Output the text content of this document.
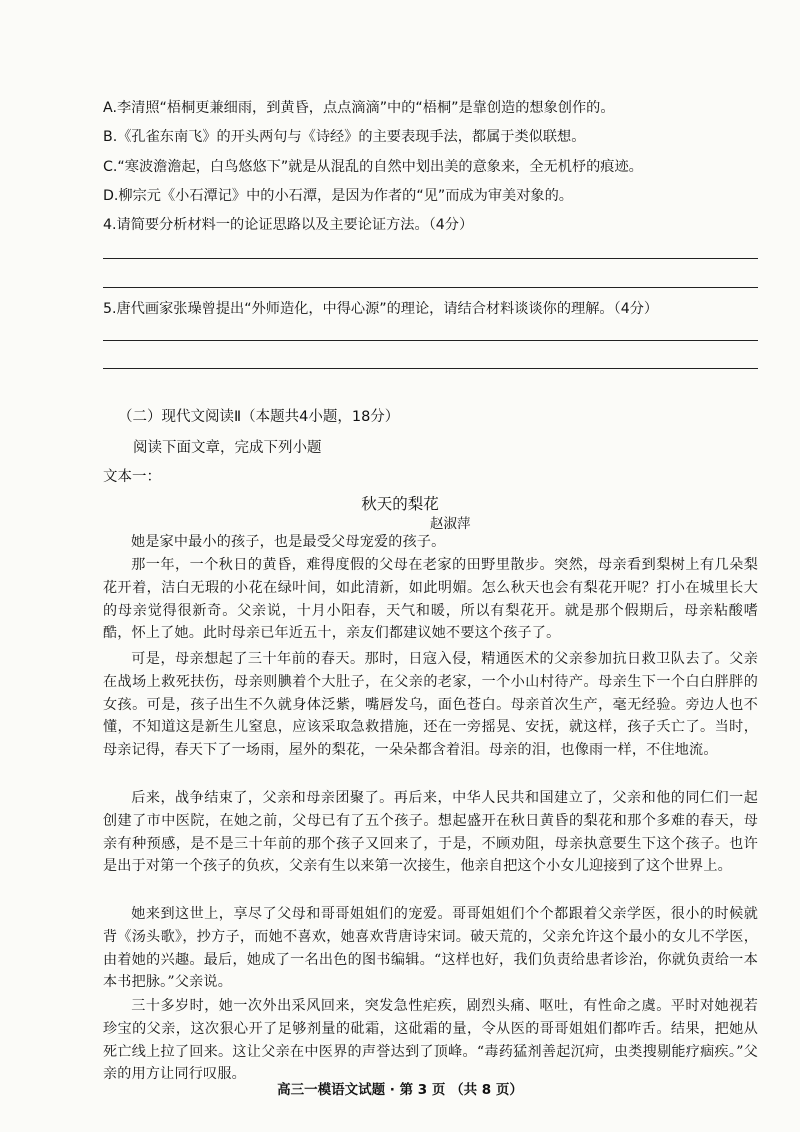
A.李清照“梧桐更兼细雨，到黄昏，点点滴滴”中的“梧桐”是靠创造的想象创作的。
B.《孔雀东南飞》的开头两句与《诗经》的主要表现手法，都属于类似联想。
C.“寒波澹澹起，白鸟悠悠下”就是从混乱的自然中划出美的意象来，全无机杼的痕迹。
D.柳宗元《小石潭记》中的小石潭，是因为作者的“见”而成为审美对象的。
4.请简要分析材料一的论证思路以及主要论证方法。（4分）
5.唐代画家张璪曾提出“外师造化，中得心源”的理论，请结合材料谈谈你的理解。（4分）
（二）现代文阅读Ⅱ（本题共4小题，18分）
阅读下面文章，完成下列小题
文本一：
秋天的梨花
赵淑萍
她是家中最小的孩子，也是最受父母宠爱的孩子。
那一年，一个秋日的黄昏，难得度假的父母在老家的田野里散步。突然，母亲看到梨树上有几朵梨花开着，洁白无瑕的小花在绿叶间，如此清新，如此明媚。怎么秋天也会有梨花开呢？打小在城里长大的母亲觉得很新奇。父亲说，十月小阳春，天气和暖，所以有梨花开。就是那个假期后，母亲粘酸嗜酷，怀上了她。此时母亲已年近五十，亲友们都建议她不要这个孩子了。
可是，母亲想起了三十年前的春天。那时，日寇入侵，精通医术的父亲参加抗日救卫队去了。父亲在战场上救死扶伤，母亲则腆着个大肚子，在父亲的老家，一个小山村待产。母亲生下一个白白胖胖的女孩。可是，孩子出生不久就身体泛紫，嘴唇发乌，面色苍白。母亲首次生产，毫无经验。旁边人也不懂，不知道这是新生儿窒息，应该采取急救措施，还在一旁摇晃、安抚，就这样，孩子夭亡了。当时，母亲记得，春天下了一场雨，屋外的梨花，一朵朵都含着泪。母亲的泪，也像雨一样，不住地流。
后来，战争结束了，父亲和母亲团聚了。再后来，中华人民共和国建立了，父亲和他的同仁们一起创建了市中医院，在她之前，父母已有了五个孩子。想起盛开在秋日黄昏的梨花和那个多难的春天，母亲有种预感，是不是三十年前的那个孩子又回来了，于是，不顾劝阻，母亲执意要生下这个孩子。也许是出于对第一个孩子的负疚，父亲有生以来第一次接生，他亲自把这个小女儿迎接到了这个世界上。
她来到这世上，享尽了父母和哥哥姐姐们的宠爱。哥哥姐姐们个个都跟着父亲学医，很小的时候就背《汤头歌》，抄方子，而她不喜欢，她喜欢背唐诗宋词。破天荒的，父亲允许这个最小的女儿不学医，由着她的兴趣。最后，她成了一名出色的图书编辑。“这样也好，我们负责给患者诊治，你就负责给一本本书把脉。”父亲说。
三十多岁时，她一次外出采风回来，突发急性疟疾，剧烈头痛、呕吐，有性命之虞。平时对她视若珍宝的父亲，这次狠心开了足够剂量的砒霜，这砒霜的量，令从医的哥哥姐姐们都咋舌。结果，把她从死亡线上拉了回来。这让父亲在中医界的声誉达到了顶峰。“毒药猛剂善起沉疴，虫类搜剔能疗痼疾。”父亲的用方让同行叹服。
高三一模语文试题 · 第 3 页 （共 8 页）
